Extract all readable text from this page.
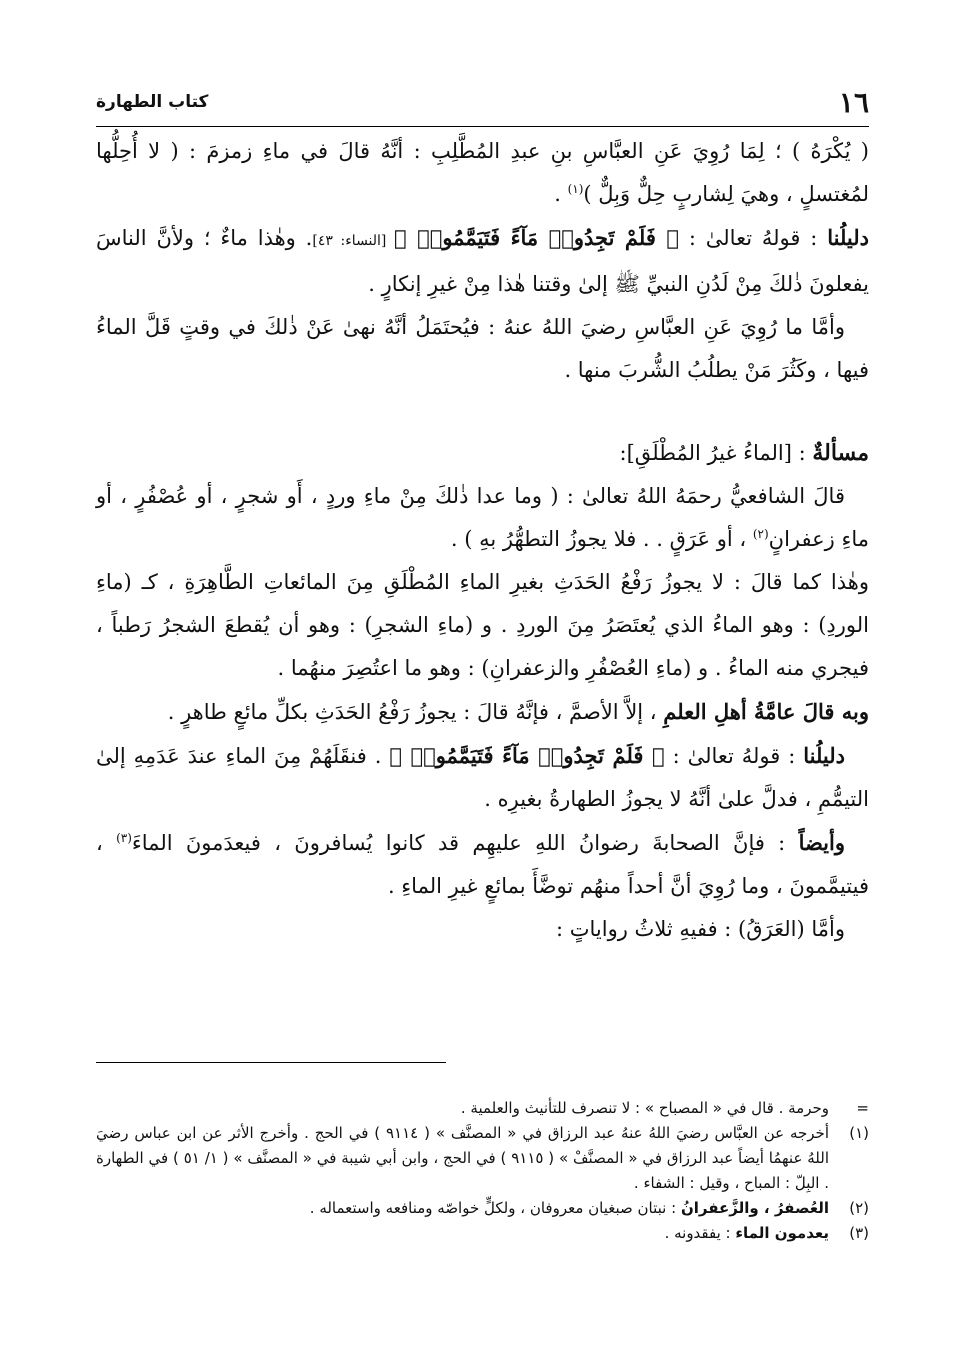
١٦
كتاب الطهارة

( يُكْرَهُ ) ؛ لِمَا رُوِيَ عَنِ العبَّاسِ بنِ عبدِ المُطَّلِبِ : أنَّهُ قالَ في ماءِ زمزمَ : ( لا أُحِلُّها لمُغتسلٍ ، وهيَ لِشاربٍ حِلٌّ وَبِلٌّ )$^{(١)}$ .

دليلُنا : قولهُ تعالىٰ : ﴿ فَلَمْ تَجِدُوا۟ مَآءً فَتَيَمَّمُوا۟ ﴾ [النساء: ٤٣]. وهٰذا ماءٌ ؛ ولأنَّ الناسَ يفعلونَ ذٰلكَ مِنْ لَدُنِ النبيِّ ﷺ إلىٰ وقتنا هٰذا مِنْ غيرِ إنكارٍ .

وأمَّا ما رُوِيَ عَنِ العبَّاسِ رضيَ اللهُ عنهُ : فيُحتَمَلُ أنَّهُ نهىٰ عَنْ ذٰلكَ في وقتٍ قَلَّ الماءُ فيها ، وكَثُرَ مَنْ يطلُبُ الشُّربَ منها .

مسألةٌ : [الماءُ غيرُ المُطْلَقِ]:

قالَ الشافعيُّ رحمَهُ اللهُ تعالىٰ : ( وما عدا ذٰلكَ مِنْ ماءِ وردٍ ، أَو شجرٍ ، أو عُصْفُرٍ ، أو ماءِ زعفرانٍ$^{(٢)}$ ، أو عَرَقٍ . . فلا يجوزُ التطهُّرُ بهِ ) .

وهٰذا كما قالَ : لا يجوزُ رَفْعُ الحَدَثِ بغيرِ الماءِ المُطْلَقِ مِنَ المائعاتِ الطَّاهِرَةِ ، كـ (ماءِ الوردِ) : وهو الماءُ الذي يُعتَصَرُ مِنَ الوردِ . و (ماءِ الشجرِ) : وهو أن يُقطعَ الشجرُ رَطباً ، فيجري منه الماءُ . و (ماءِ العُصْفُرِ والزعفرانِ) : وهو ما اعتُصِرَ منهُما .

وبه قالَ عامَّةُ أهلِ العلمِ ، إلاَّ الأصمَّ ، فإنَّهُ قالَ : يجوزُ رَفْعُ الحَدَثِ بكلِّ مائعٍ طاهرٍ .

دليلُنا : قولهُ تعالىٰ : ﴿ فَلَمْ تَجِدُوا۟ مَآءً فَتَيَمَّمُوا۟ ﴾ . فنقَلَهُمْ مِنَ الماءِ عندَ عَدَمِهِ إلىٰ التيمُّمِ ، فدلَّ علىٰ أنَّهُ لا يجوزُ الطهارةُ بغيرِه .

وأيضاً : فإنَّ الصحابةَ رضوانُ اللهِ عليهِم قد كانوا يُسافرونَ ، فيعدَمونَ الماءَ$^{(٣)}$ ، فيتيمَّمونَ ، وما رُوِيَ أنَّ أحداً منهُم توضَّأَ بمائعٍ غيرِ الماءِ .

وأمَّا (العَرَقُ) : ففيهِ ثلاثُ رواياتٍ :

=
وحرمة . قال في « المصباح » : لا تنصرف للتأنيث والعلمية .

(١)
أخرجه عن العبَّاس رضيَ اللهُ عنهُ عبد الرزاق في « المصنَّف » ( ٩١١٤ ) في الحج . وأخرج الأثر عن ابن عباس رضيَ اللهُ عنهمُا أيضاً عبد الرزاق في « المصنَّفْ » ( ٩١١٥ ) في الحج ، وابن أبي شيبة في « المصنَّف » ( ١/ ٥١ ) في الطهارة . البِلّ : المباح ، وقيل : الشفاء .

(٢)
العُصفرُ ، والزَّعفرانُ : نبتان صبغيان معروفان ، ولكلٍّ خواصّه ومنافعه واستعماله .

(٣)
يعدمون الماء : يفقدونه .
